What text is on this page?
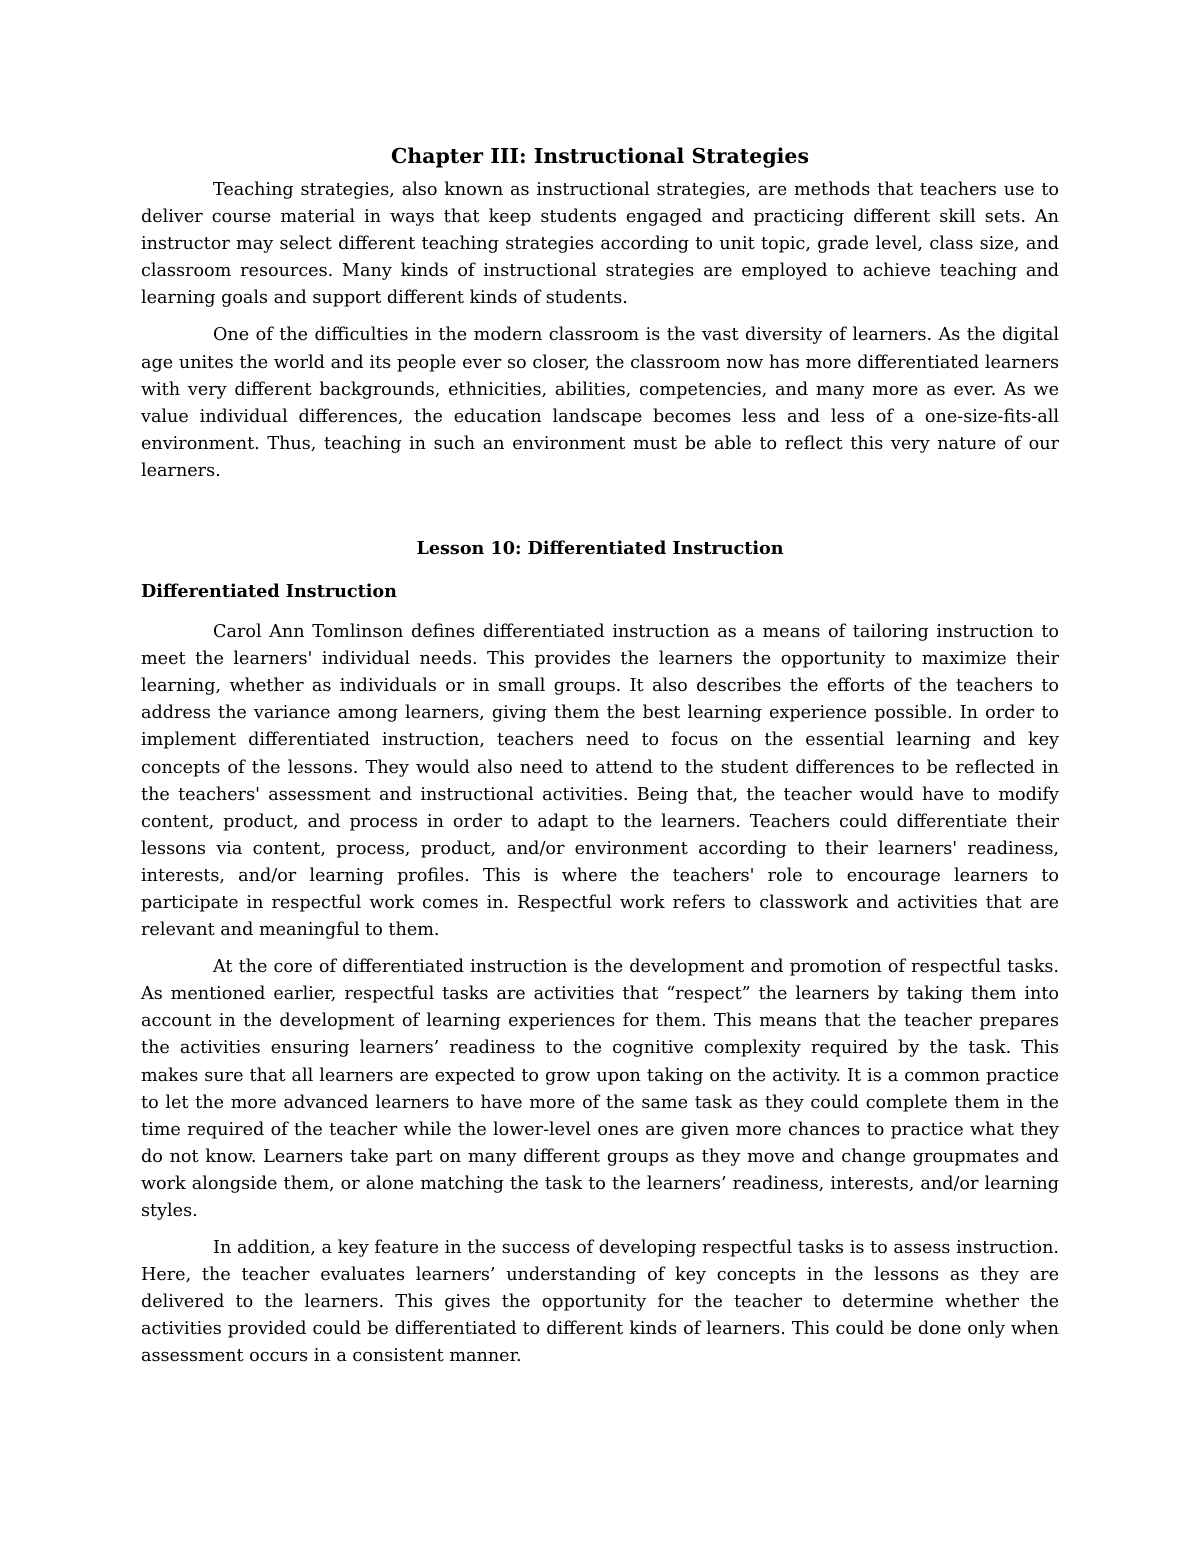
Chapter III: Instructional Strategies

Teaching strategies, also known as instructional strategies, are methods that teachers use to deliver course material in ways that keep students engaged and practicing different skill sets. An instructor may select different teaching strategies according to unit topic, grade level, class size, and classroom resources. Many kinds of instructional strategies are employed to achieve teaching and learning goals and support different kinds of students.

One of the difficulties in the modern classroom is the vast diversity of learners. As the digital age unites the world and its people ever so closer, the classroom now has more differentiated learners with very different backgrounds, ethnicities, abilities, competencies, and many more as ever. As we value individual differences, the education landscape becomes less and less of a one-size-fits-all environment. Thus, teaching in such an environment must be able to reflect this very nature of our learners.

Lesson 10: Differentiated Instruction
Differentiated Instruction

Carol Ann Tomlinson defines differentiated instruction as a means of tailoring instruction to meet the learners' individual needs. This provides the learners the opportunity to maximize their learning, whether as individuals or in small groups. It also describes the efforts of the teachers to address the variance among learners, giving them the best learning experience possible. In order to implement differentiated instruction, teachers need to focus on the essential learning and key concepts of the lessons. They would also need to attend to the student differences to be reflected in the teachers' assessment and instructional activities. Being that, the teacher would have to modify content, product, and process in order to adapt to the learners. Teachers could differentiate their lessons via content, process, product, and/or environment according to their learners' readiness, interests, and/or learning profiles. This is where the teachers' role to encourage learners to participate in respectful work comes in. Respectful work refers to classwork and activities that are relevant and meaningful to them.

At the core of differentiated instruction is the development and promotion of respectful tasks. As mentioned earlier, respectful tasks are activities that “respect” the learners by taking them into account in the development of learning experiences for them. This means that the teacher prepares the activities ensuring learners’ readiness to the cognitive complexity required by the task. This makes sure that all learners are expected to grow upon taking on the activity. It is a common practice to let the more advanced learners to have more of the same task as they could complete them in the time required of the teacher while the lower-level ones are given more chances to practice what they do not know. Learners take part on many different groups as they move and change groupmates and work alongside them, or alone matching the task to the learners’ readiness, interests, and/or learning styles.

In addition, a key feature in the success of developing respectful tasks is to assess instruction. Here, the teacher evaluates learners’ understanding of key concepts in the lessons as they are delivered to the learners. This gives the opportunity for the teacher to determine whether the activities provided could be differentiated to different kinds of learners. This could be done only when assessment occurs in a consistent manner.
